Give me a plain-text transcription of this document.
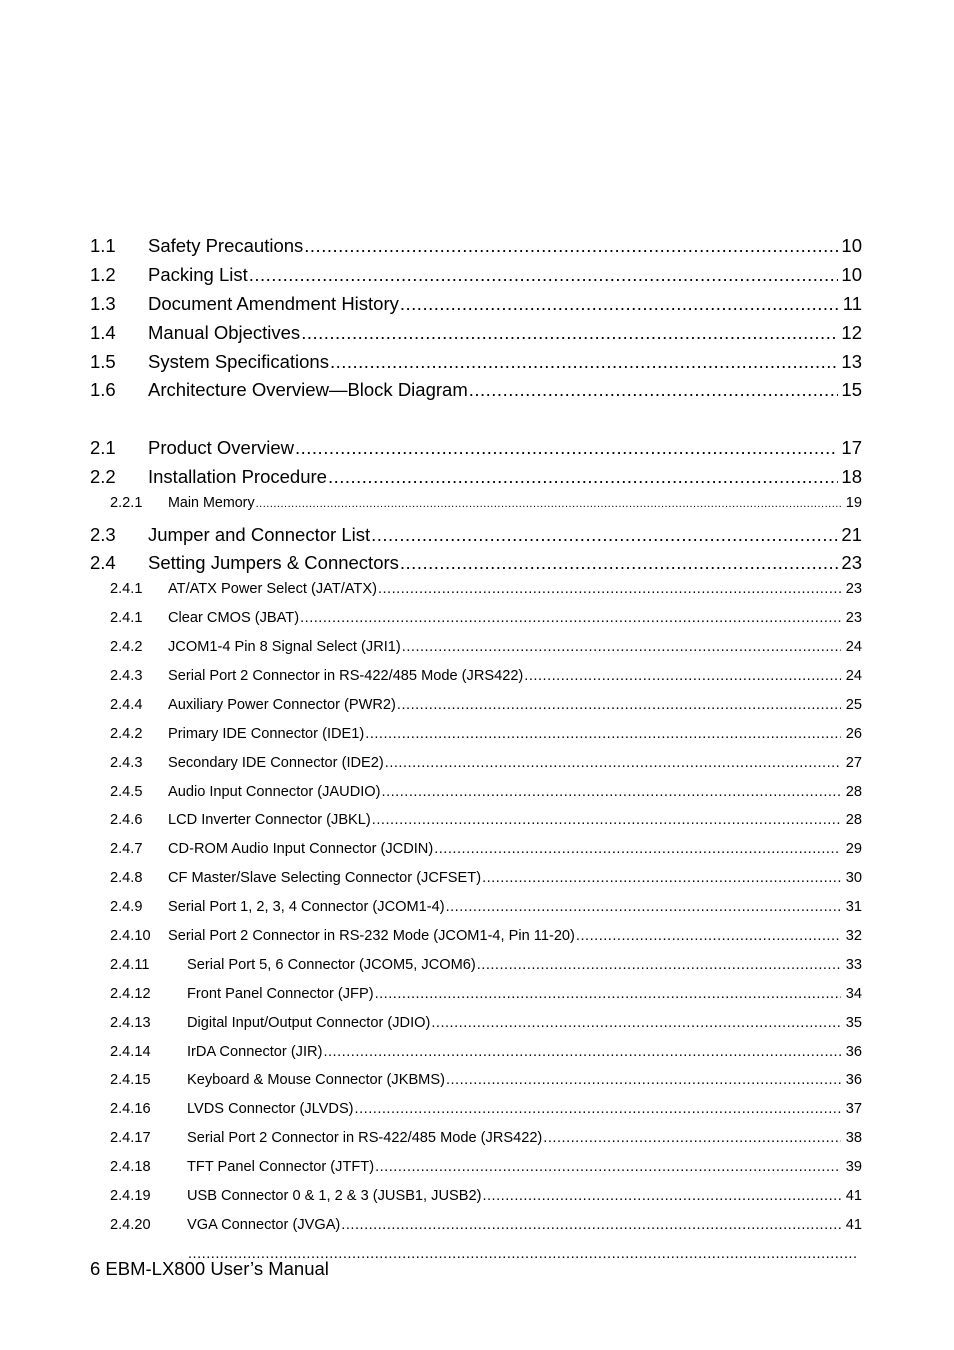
1.1	Safety Precautions .....	10
1.2	Packing List .....	10
1.3	Document Amendment History .....	11
1.4	Manual Objectives .....	12
1.5	System Specifications .....	13
1.6	Architecture Overview—Block Diagram .....	15
2.1	Product Overview .....	17
2.2	Installation Procedure .....	18
2.2.1	Main Memory .....	19
2.3	Jumper and Connector List .....	21
2.4	Setting Jumpers & Connectors .....	23
2.4.1	AT/ATX Power Select (JAT/ATX) .....	23
2.4.1	Clear CMOS (JBAT) .....	23
2.4.2	JCOM1-4 Pin 8 Signal Select (JRI1) .....	24
2.4.3	Serial Port 2 Connector in RS-422/485 Mode (JRS422) .....	24
2.4.4	Auxiliary Power Connector (PWR2) .....	25
2.4.2	Primary IDE Connector (IDE1) .....	26
2.4.3	Secondary IDE Connector (IDE2) .....	27
2.4.5	Audio Input Connector (JAUDIO) .....	28
2.4.6	LCD Inverter Connector (JBKL) .....	28
2.4.7	CD-ROM Audio Input Connector (JCDIN) .....	29
2.4.8	CF Master/Slave Selecting Connector (JCFSET) .....	30
2.4.9	Serial Port 1, 2, 3, 4 Connector (JCOM1-4) .....	31
2.4.10	Serial Port 2 Connector in RS-232 Mode (JCOM1-4, Pin 11-20) .....	32
2.4.11	Serial Port 5, 6 Connector (JCOM5, JCOM6) .....	33
2.4.12	Front Panel Connector (JFP) .....	34
2.4.13	Digital Input/Output Connector (JDIO) .....	35
2.4.14	IrDA Connector (JIR) .....	36
2.4.15	Keyboard & Mouse Connector (JKBMS) .....	36
2.4.16	LVDS Connector (JLVDS) .....	37
2.4.17	Serial Port 2 Connector in RS-422/485 Mode (JRS422) .....	38
2.4.18	TFT Panel Connector (JTFT) .....	39
2.4.19	USB Connector 0 & 1, 2 & 3 (JUSB1, JUSB2) .....	41
2.4.20	VGA Connector (JVGA) .....	41
.....
6 EBM-LX800 User’s Manual
